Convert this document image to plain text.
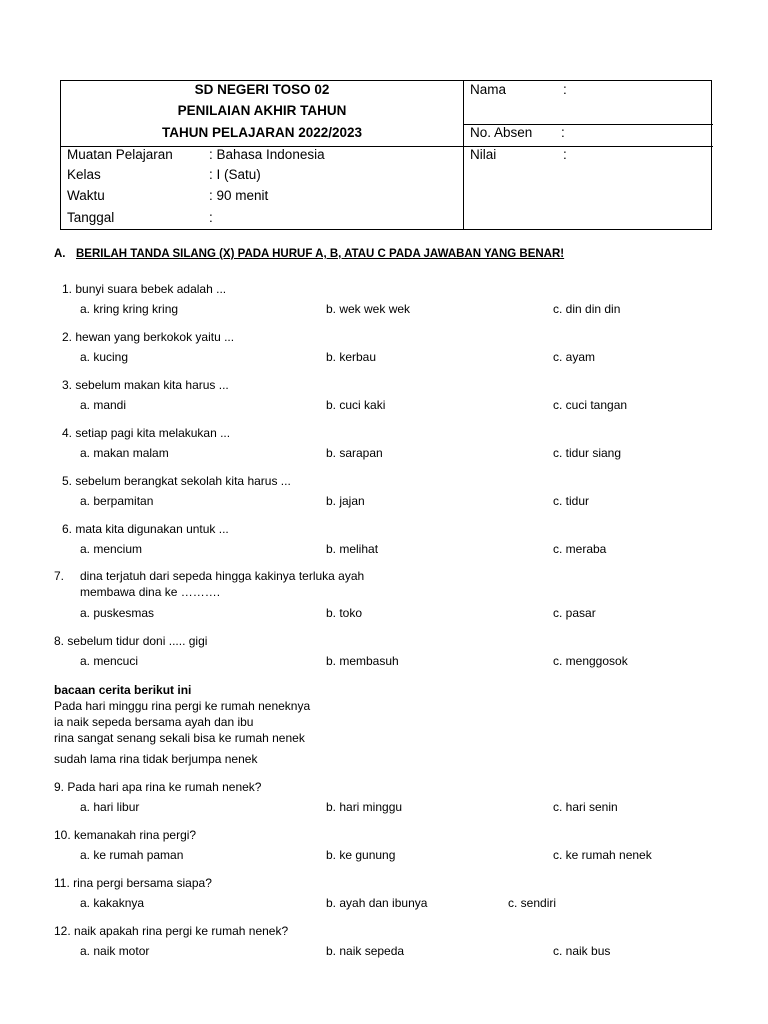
SD NEGERI TOSO 02
PENILAIAN AKHIR TAHUN
TAHUN PELAJARAN 2022/2023
Muatan Pelajaran	: Bahasa Indonesia
Kelas	: I (Satu)
Waktu	: 90 menit
Tanggal	:
Nama	:
No. Absen :
Nilai	:
A. BERILAH TANDA SILANG (X) PADA HURUF A, B, ATAU C PADA JAWABAN YANG BENAR!
1. bunyi suara bebek adalah ...
a. kring kring kring	b. wek wek wek	c. din din din
2. hewan yang berkokok yaitu ...
a. kucing	b. kerbau	c. ayam
3. sebelum makan kita harus ...
a. mandi	b. cuci kaki	c. cuci tangan
4. setiap pagi kita melakukan ...
a. makan malam	b. sarapan	c. tidur siang
5. sebelum berangkat sekolah kita harus ...
a. berpamitan	b. jajan	c. tidur
6. mata kita digunakan untuk ...
a. mencium	b. melihat	c. meraba
7. dina terjatuh dari sepeda hingga kakinya terluka ayah
membawa dina ke ……….
a. puskesmas	b. toko	c. pasar
8. sebelum tidur doni ..... gigi
a. mencuci	b. membasuh	c. menggosok
bacaan cerita berikut ini
Pada hari minggu rina pergi ke rumah neneknya
ia naik sepeda bersama ayah dan ibu
rina sangat senang sekali bisa ke rumah nenek
sudah lama rina tidak berjumpa nenek
9. Pada hari apa rina ke rumah nenek?
a. hari libur	b. hari minggu	c. hari senin
10. kemanakah rina pergi?
a. ke rumah paman	b. ke gunung	c. ke rumah nenek
11. rina pergi bersama siapa?
a. kakaknya	b. ayah dan ibunya	c. sendiri
12. naik apakah rina pergi ke rumah nenek?
a. naik motor	b. naik sepeda	c. naik bus
